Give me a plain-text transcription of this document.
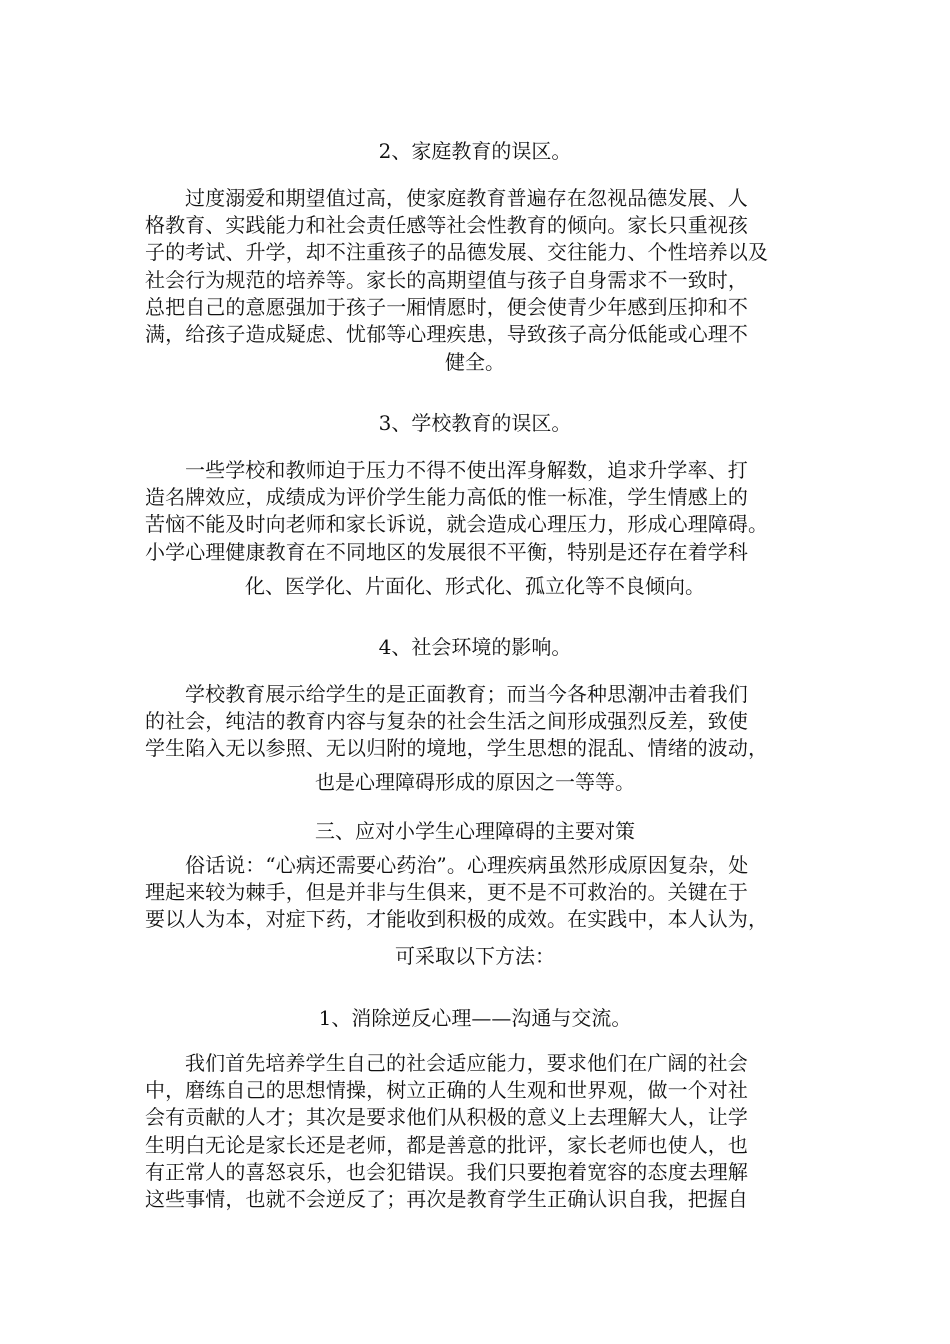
2、家庭教育的误区。
过度溺爱和期望值过高，使家庭教育普遍存在忽视品德发展、人
格教育、实践能力和社会责任感等社会性教育的倾向。家长只重视孩
子的考试、升学，却不注重孩子的品德发展、交往能力、个性培养以及
社会行为规范的培养等。家长的高期望值与孩子自身需求不一致时，
总把自己的意愿强加于孩子一厢情愿时，便会使青少年感到压抑和不
满，给孩子造成疑虑、忧郁等心理疾患，导致孩子高分低能或心理不
健全。
3、学校教育的误区。
一些学校和教师迫于压力不得不使出浑身解数，追求升学率、打
造名牌效应，成绩成为评价学生能力高低的惟一标准，学生情感上的
苦恼不能及时向老师和家长诉说，就会造成心理压力，形成心理障碍。
小学心理健康教育在不同地区的发展很不平衡，特别是还存在着学科
化、医学化、片面化、形式化、孤立化等不良倾向。
4、社会环境的影响。
学校教育展示给学生的是正面教育；而当今各种思潮冲击着我们
的社会，纯洁的教育内容与复杂的社会生活之间形成强烈反差，致使
学生陷入无以参照、无以归附的境地，学生思想的混乱、情绪的波动，
也是心理障碍形成的原因之一等等。
三、应对小学生心理障碍的主要对策
俗话说：“心病还需要心药治”。心理疾病虽然形成原因复杂，处
理起来较为棘手，但是并非与生俱来，更不是不可救治的。关键在于
要以人为本，对症下药，才能收到积极的成效。在实践中，本人认为，
可采取以下方法：
1、消除逆反心理——沟通与交流。
我们首先培养学生自己的社会适应能力，要求他们在广阔的社会
中，磨练自己的思想情操，树立正确的人生观和世界观，做一个对社
会有贡献的人才；其次是要求他们从积极的意义上去理解大人，让学
生明白无论是家长还是老师，都是善意的批评，家长老师也使人，也
有正常人的喜怒哀乐，也会犯错误。我们只要抱着宽容的态度去理解
这些事情，也就不会逆反了；再次是教育学生正确认识自我，把握自
